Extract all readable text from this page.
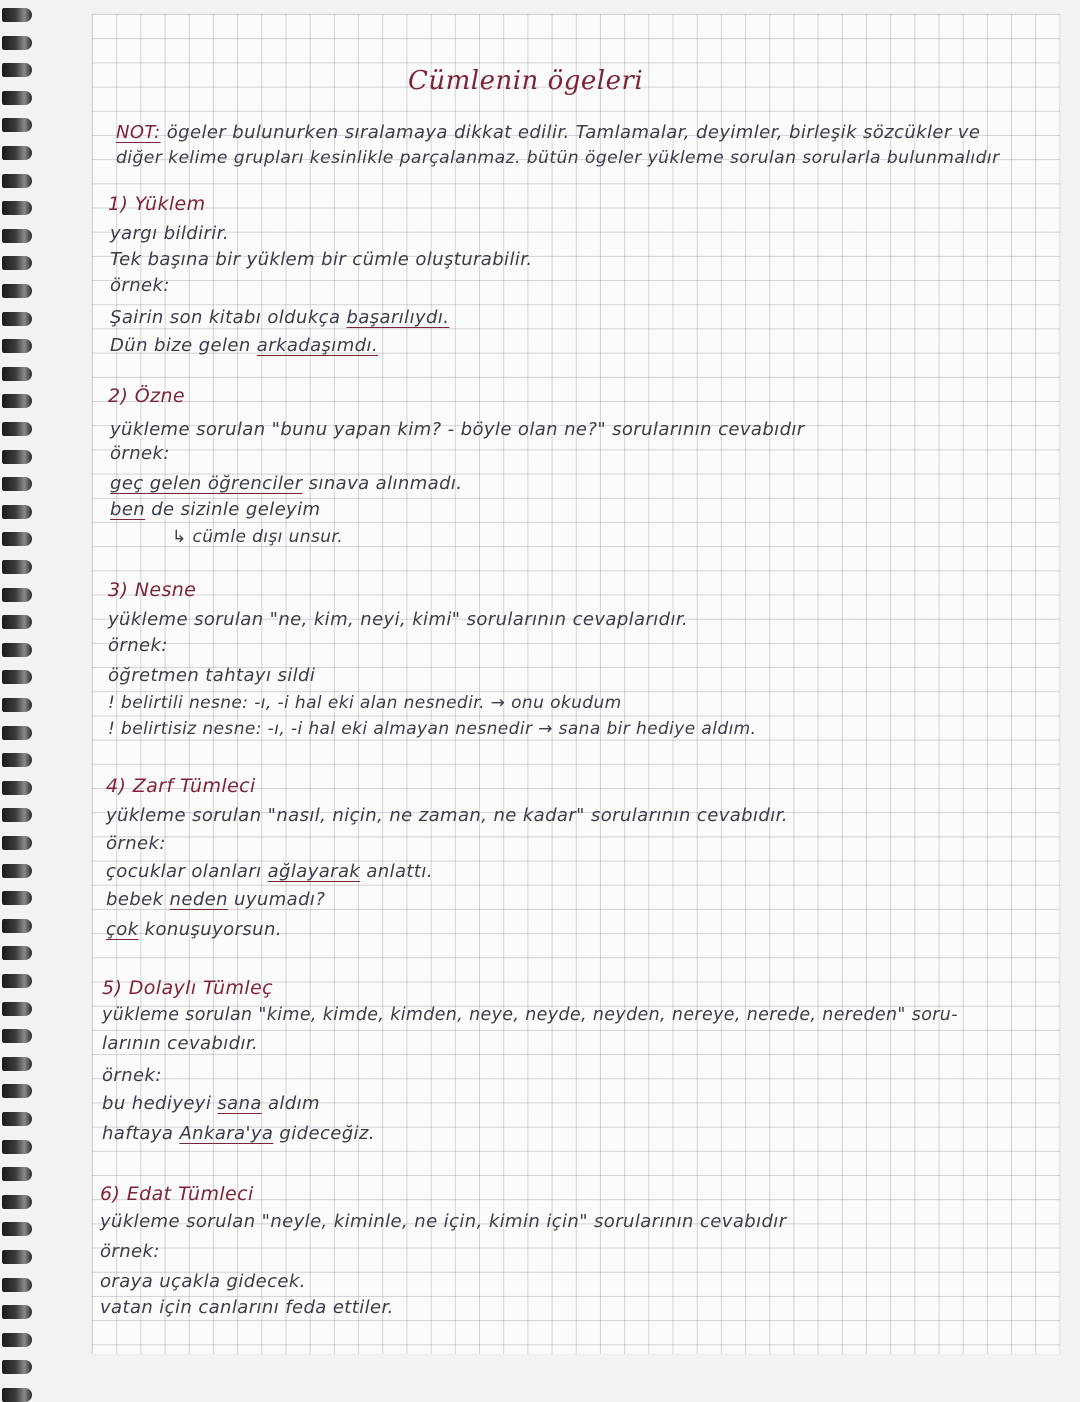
Cümlenin ögeleri
NOT: ögeler bulunurken sıralamaya dikkat edilir. Tamlamalar, deyimler, birleşik sözcükler ve
diğer kelime grupları kesinlikle parçalanmaz. bütün ögeler yükleme sorulan sorularla bulunmalıdır
1) Yüklem
yargı bildirir.
Tek başına bir yüklem bir cümle oluşturabilir.
örnek:
Şairin son kitabı oldukça başarılıydı.
Dün bize gelen arkadaşımdı.
2) Özne
yükleme sorulan "bunu yapan kim? - böyle olan ne?" sorularının cevabıdır
örnek:
geç gelen öğrenciler sınava alınmadı.
ben de sizinle geleyim
↳ cümle dışı unsur.
3) Nesne
yükleme sorulan "ne, kim, neyi, kimi" sorularının cevaplarıdır.
örnek:
öğretmen tahtayı sildi
! belirtili nesne: -ı, -i hal eki alan nesnedir. → onu okudum
! belirtisiz nesne: -ı, -i hal eki almayan nesnedir → sana bir hediye aldım.
4) Zarf Tümleci
yükleme sorulan "nasıl, niçin, ne zaman, ne kadar" sorularının cevabıdır.
örnek:
çocuklar olanları ağlayarak anlattı.
bebek neden uyumadı?
çok konuşuyorsun.
5) Dolaylı Tümleç
yükleme sorulan "kime, kimde, kimden, neye, neyde, neyden, nereye, nerede, nereden" soru-
larının cevabıdır.
örnek:
bu hediyeyi sana aldım
haftaya Ankara'ya gideceğiz.
6) Edat Tümleci
yükleme sorulan "neyle, kiminle, ne için, kimin için" sorularının cevabıdır
örnek:
oraya uçakla gidecek.
vatan için canlarını feda ettiler.
